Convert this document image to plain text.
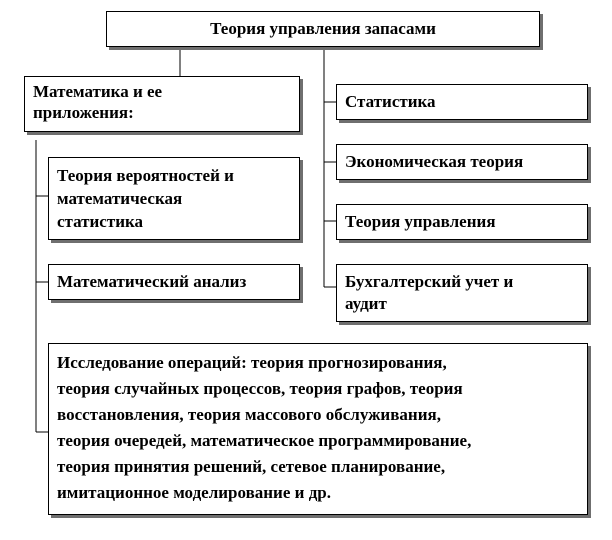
Теория управления запасами
Математика и ее
приложения:
Теория вероятностей и
математическая
статистика
Математический анализ
Исследование операций: теория прогнозирования,
теория случайных процессов, теория графов, теория
восстановления, теория массового обслуживания,
теория очередей, математическое программирование,
теория принятия решений, сетевое планирование,
имитационное моделирование и др.
Статистика
Экономическая теория
Теория управления
Бухгалтерский учет и
аудит
